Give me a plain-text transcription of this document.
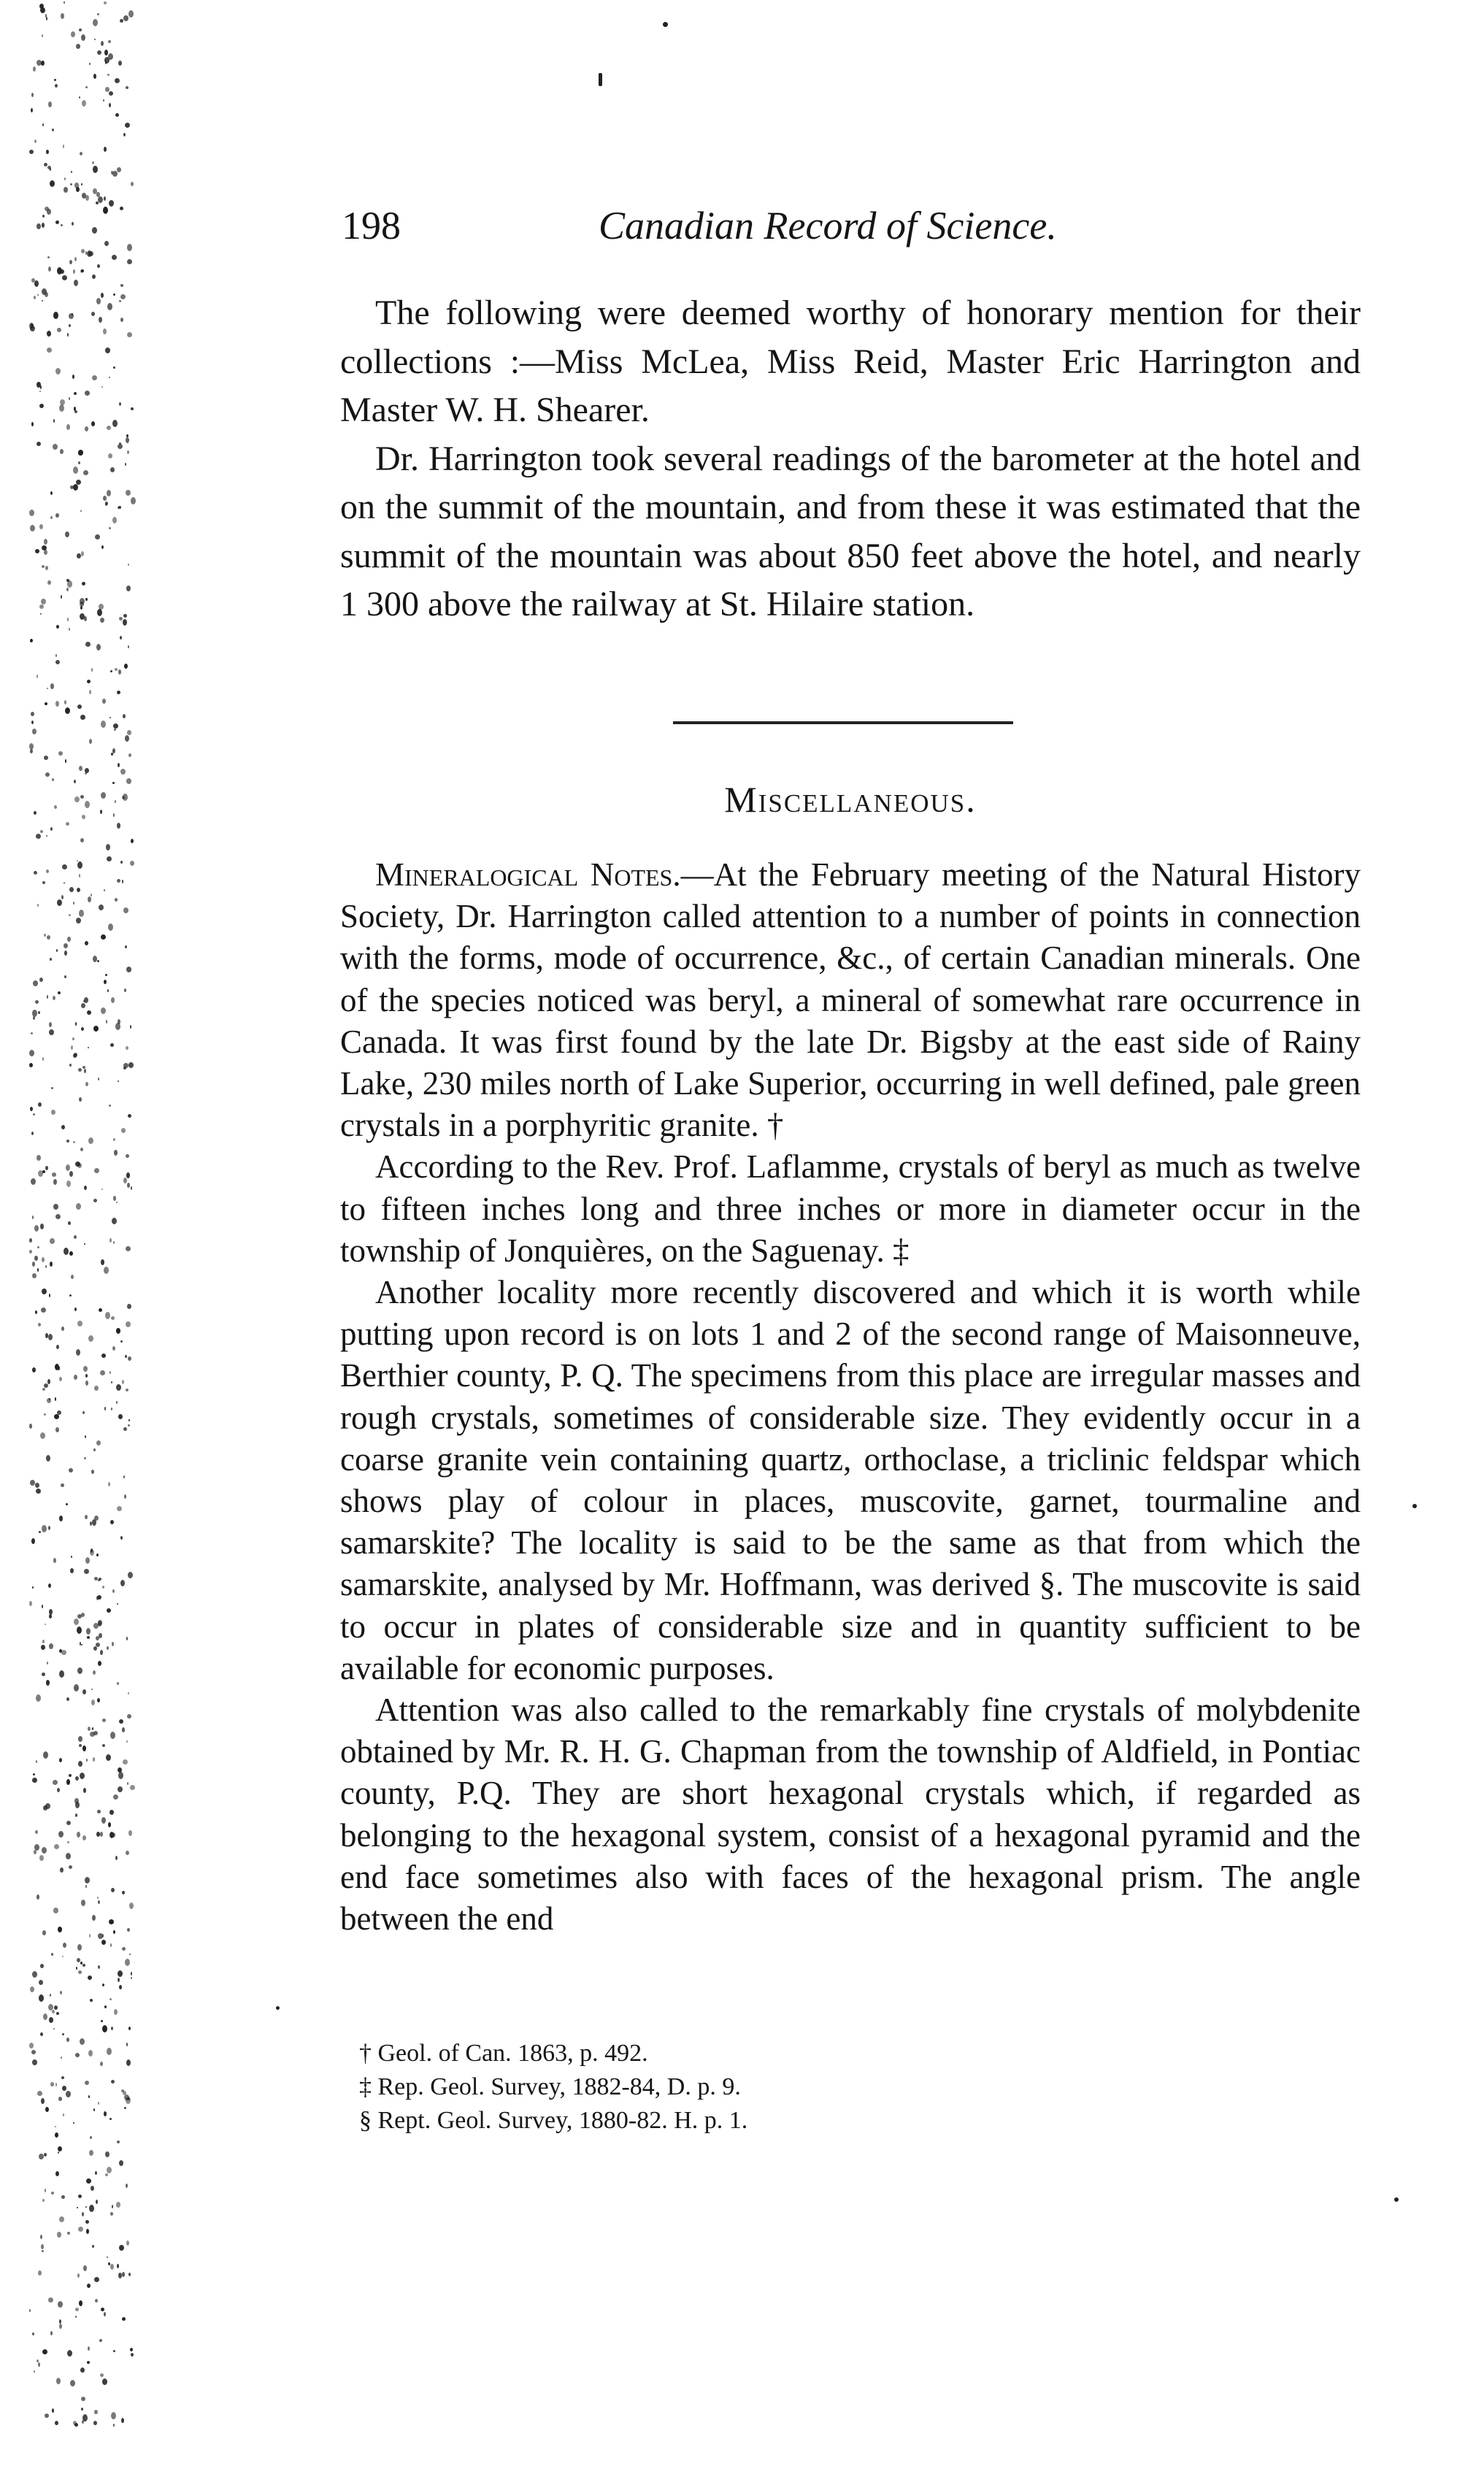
198	Canadian Record of Science.

The following were deemed worthy of honorary mention for their collections :—Miss McLea, Miss Reid, Master Eric Harrington and Master W. H. Shearer.

Dr. Harrington took several readings of the barometer at the hotel and on the summit of the mountain, and from these it was estimated that the summit of the mountain was about 850 feet above the hotel, and nearly 1 300 above the railway at St. Hilaire station.

Miscellaneous.

Mineralogical Notes.—At the February meeting of the Natural History Society, Dr. Harrington called attention to a number of points in connection with the forms, mode of occurrence, &c., of certain Canadian minerals. One of the species noticed was beryl, a mineral of somewhat rare occurrence in Canada. It was first found by the late Dr. Bigsby at the east side of Rainy Lake, 230 miles north of Lake Superior, occurring in well defined, pale green crystals in a porphyritic granite. †

According to the Rev. Prof. Laflamme, crystals of beryl as much as twelve to fifteen inches long and three inches or more in diameter occur in the township of Jonquières, on the Saguenay. ‡

Another locality more recently discovered and which it is worth while putting upon record is on lots 1 and 2 of the second range of Maisonneuve, Berthier county, P. Q. The specimens from this place are irregular masses and rough crystals, sometimes of considerable size. They evidently occur in a coarse granite vein containing quartz, orthoclase, a triclinic feldspar which shows play of colour in places, muscovite, garnet, tourmaline and samarskite? The locality is said to be the same as that from which the samarskite, analysed by Mr. Hoffmann, was derived §. The muscovite is said to occur in plates of considerable size and in quantity sufficient to be available for economic purposes.

Attention was also called to the remarkably fine crystals of molybdenite obtained by Mr. R. H. G. Chapman from the township of Aldfield, in Pontiac county, P.Q. They are short hexagonal crystals which, if regarded as belonging to the hexagonal system, consist of a hexagonal pyramid and the end face sometimes also with faces of the hexagonal prism. The angle between the end

† Geol. of Can. 1863, p. 492.
‡ Rep. Geol. Survey, 1882-84, D. p. 9.
§ Rept. Geol. Survey, 1880-82. H. p. 1.
